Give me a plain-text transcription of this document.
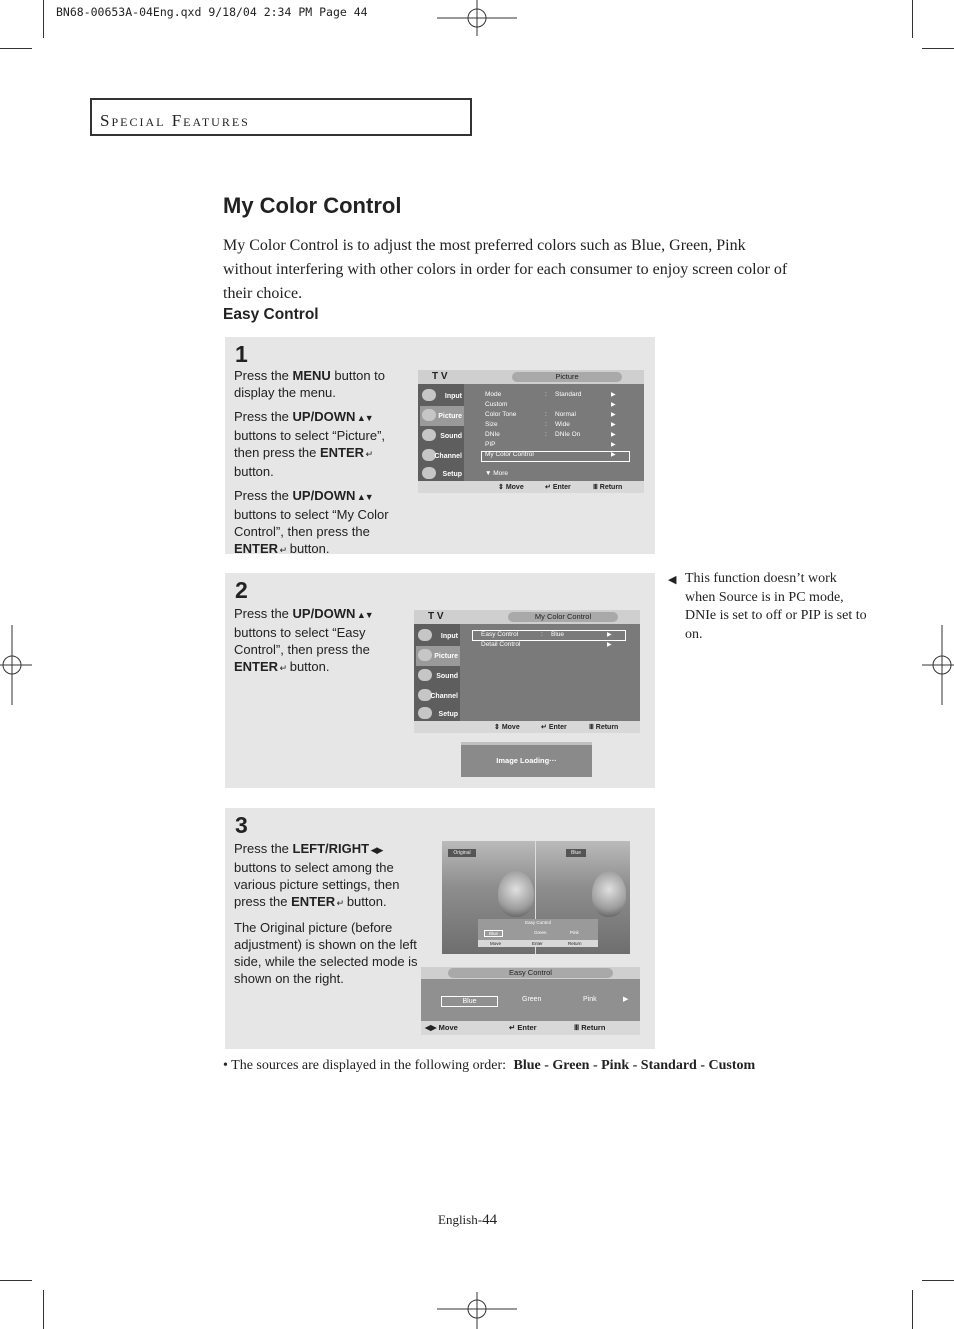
BN68-00653A-04Eng.qxd 9/18/04 2:34 PM Page 44
Special Features
My Color Control
My Color Control is to adjust the most preferred colors such as Blue, Green, Pink without interfering with other colors in order for each consumer to enjoy screen color of their choice.
Easy Control
1

Press the MENU button to display the menu.

Press the UP/DOWN ▲▼ buttons to select “Picture”, then press the ENTER ↵ button.

Press the UP/DOWN ▲▼ buttons to select “My Color Control”, then press the ENTER ↵ button.

T V	Picture
Input
Picture
Sound
Channel
Setup
Mode	: Standard	▶
Custom	▶
Color Tone	: Normal	▶
Size	: Wide	▶
DNIe	: DNIe On	▶
PIP	▶
My Color Control	▶
▼ More
⇕ Move	↵ Enter	Ⅲ Return
2

Press the UP/DOWN ▲▼ buttons to select “Easy Control”, then press the ENTER ↵ button.

T V	My Color Control
Input
Picture
Sound
Channel
Setup
Easy Control	: Blue	▶
Detail Control	▶
⇕ Move	↵ Enter	Ⅲ Return
Image Loading···
3

Press the LEFT/RIGHT ◀▶ buttons to select among the various picture settings, then press the ENTER ↵ button.

The Original picture (before adjustment) is shown on the left side, while the selected mode is shown on the right.

Original	Blue
Easy Control
Blue	Green	Pink
Move	Enter	Return
Easy Control
Blue	Green	Pink	▶
◀▶ Move	↵ Enter	Ⅲ Return
◀ This function doesn’t work when Source is in PC mode, DNIe is set to off or PIP is set to on.
• The sources are displayed in the following order: Blue - Green - Pink - Standard - Custom
English-44
